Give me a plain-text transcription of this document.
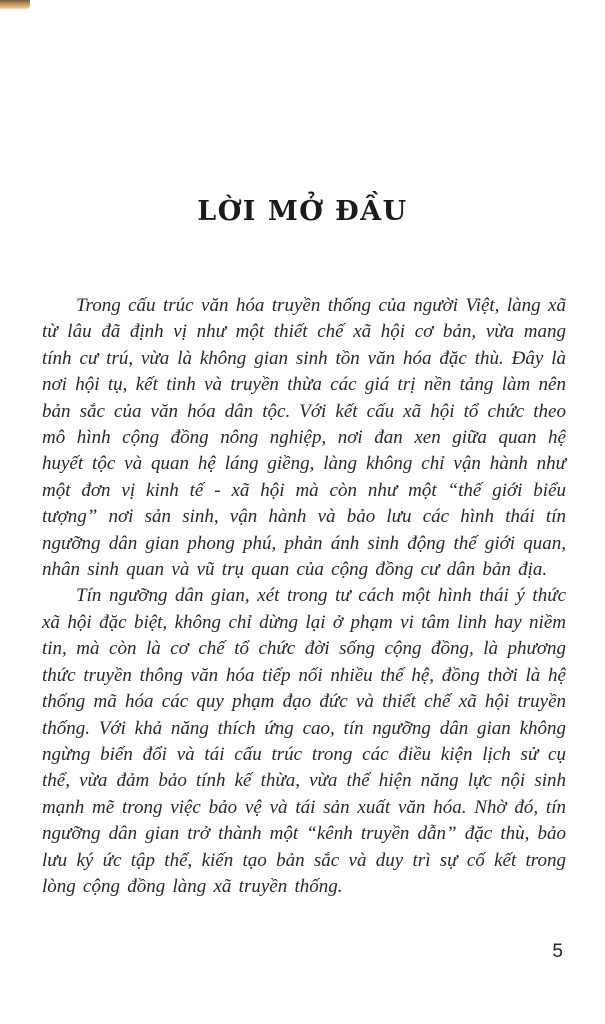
LỜI MỞ ĐẦU

Trong cấu trúc văn hóa truyền thống của người Việt, làng xã từ lâu đã định vị như một thiết chế xã hội cơ bản, vừa mang tính cư trú, vừa là không gian sinh tồn văn hóa đặc thù. Đây là nơi hội tụ, kết tinh và truyền thừa các giá trị nền tảng làm nên bản sắc của văn hóa dân tộc. Với kết cấu xã hội tổ chức theo mô hình cộng đồng nông nghiệp, nơi đan xen giữa quan hệ huyết tộc và quan hệ láng giềng, làng không chỉ vận hành như một đơn vị kinh tế - xã hội mà còn như một “thế giới biểu tượng” nơi sản sinh, vận hành và bảo lưu các hình thái tín ngưỡng dân gian phong phú, phản ánh sinh động thế giới quan, nhân sinh quan và vũ trụ quan của cộng đồng cư dân bản địa.

Tín ngưỡng dân gian, xét trong tư cách một hình thái ý thức xã hội đặc biệt, không chỉ dừng lại ở phạm vi tâm linh hay niềm tin, mà còn là cơ chế tổ chức đời sống cộng đồng, là phương thức truyền thông văn hóa tiếp nối nhiều thế hệ, đồng thời là hệ thống mã hóa các quy phạm đạo đức và thiết chế xã hội truyền thống. Với khả năng thích ứng cao, tín ngưỡng dân gian không ngừng biến đổi và tái cấu trúc trong các điều kiện lịch sử cụ thể, vừa đảm bảo tính kế thừa, vừa thể hiện năng lực nội sinh mạnh mẽ trong việc bảo vệ và tái sản xuất văn hóa. Nhờ đó, tín ngưỡng dân gian trở thành một “kênh truyền dẫn” đặc thù, bảo lưu ký ức tập thể, kiến tạo bản sắc và duy trì sự cố kết trong lòng cộng đồng làng xã truyền thống.

5
